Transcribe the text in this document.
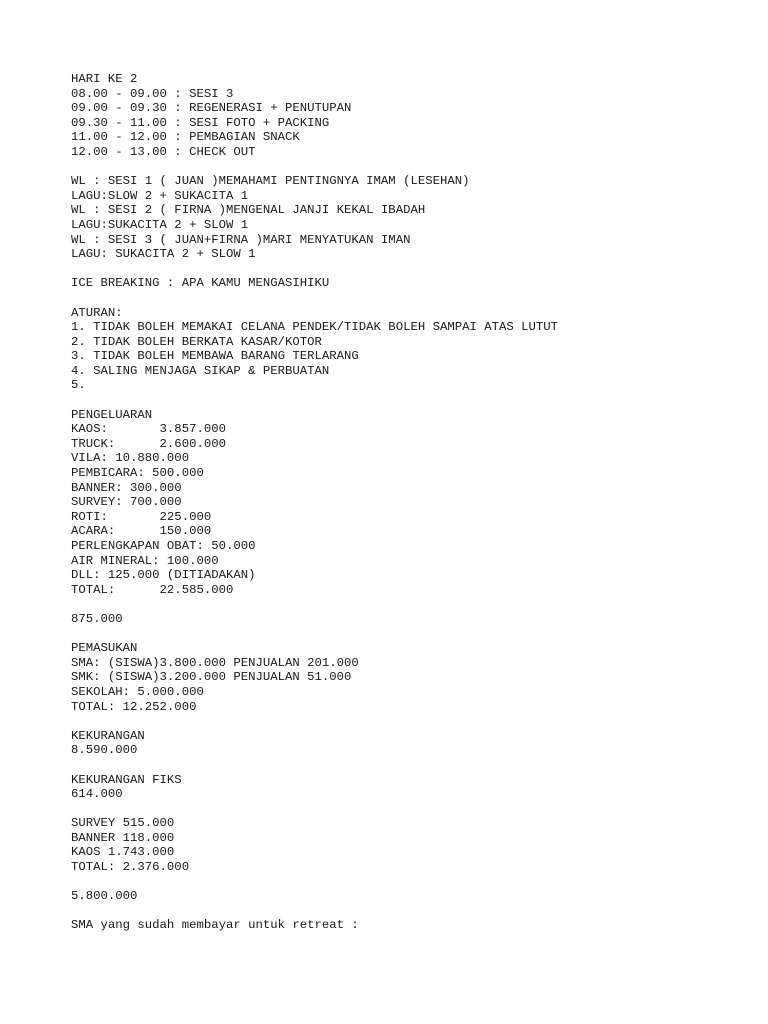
HARI KE 2
08.00 - 09.00 : SESI 3
09.00 - 09.30 : REGENERASI + PENUTUPAN
09.30 - 11.00 : SESI FOTO + PACKING
11.00 - 12.00 : PEMBAGIAN SNACK
12.00 - 13.00 : CHECK OUT
WL : SESI 1 ( JUAN )MEMAHAMI PENTINGNYA IMAM (LESEHAN)
LAGU:SLOW 2 + SUKACITA 1
WL : SESI 2 ( FIRNA )MENGENAL JANJI KEKAL IBADAH
LAGU:SUKACITA 2 + SLOW 1
WL : SESI 3 ( JUAN+FIRNA )MARI MENYATUKAN IMAN
LAGU: SUKACITA 2 + SLOW 1
ICE BREAKING : APA KAMU MENGASIHIKU
ATURAN:
1. TIDAK BOLEH MEMAKAI CELANA PENDEK/TIDAK BOLEH SAMPAI ATAS LUTUT
2. TIDAK BOLEH BERKATA KASAR/KOTOR
3. TIDAK BOLEH MEMBAWA BARANG TERLARANG
4. SALING MENJAGA SIKAP & PERBUATAN
5.
PENGELUARAN
KAOS:       3.857.000
TRUCK:      2.600.000
VILA: 10.880.000
PEMBICARA: 500.000
BANNER: 300.000
SURVEY: 700.000
ROTI:       225.000
ACARA:      150.000
PERLENGKAPAN OBAT: 50.000
AIR MINERAL: 100.000
DLL: 125.000 (DITIADAKAN)
TOTAL:      22.585.000
875.000
PEMASUKAN
SMA: (SISWA)3.800.000 PENJUALAN 201.000
SMK: (SISWA)3.200.000 PENJUALAN 51.000
SEKOLAH: 5.000.000
TOTAL: 12.252.000
KEKURANGAN
8.590.000
KEKURANGAN FIKS
614.000
SURVEY 515.000
BANNER 118.000
KAOS 1.743.000
TOTAL: 2.376.000
5.800.000
SMA yang sudah membayar untuk retreat :
